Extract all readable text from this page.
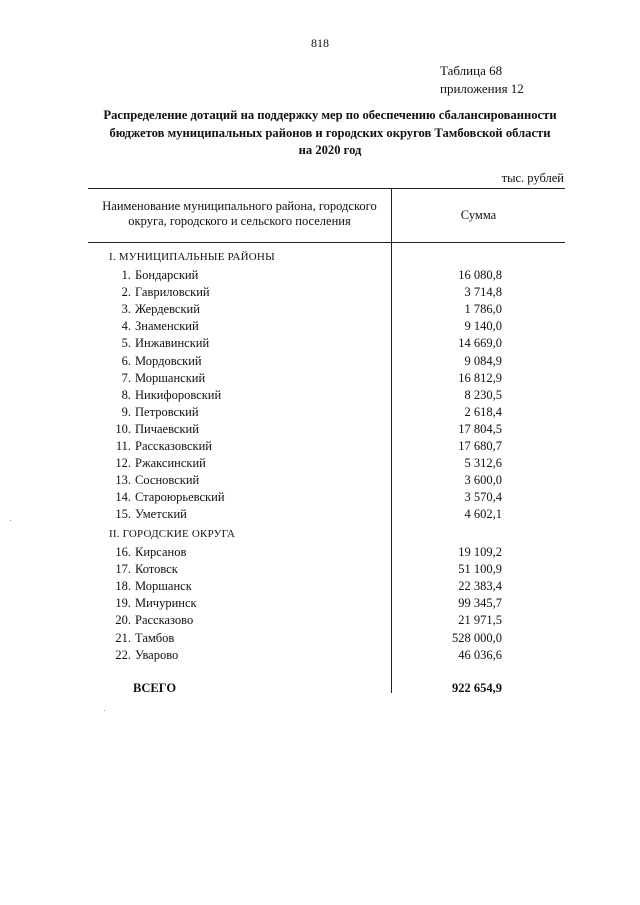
818
Таблица 68
приложения 12
Распределение дотаций на поддержку мер по обеспечению сбалансированности
бюджетов муниципальных районов и городских округов Тамбовской области
на 2020 год
тыс. рублей
Наименование муниципального района, городского
округа, городского и сельского поселения	Сумма
I. МУНИЦИПАЛЬНЫЕ РАЙОНЫ
1. Бондарский	16 080,8
2. Гавриловский	3 714,8
3. Жердевский	1 786,0
4. Знаменский	9 140,0
5. Инжавинский	14 669,0
6. Мордовский	9 084,9
7. Моршанский	16 812,9
8. Никифоровский	8 230,5
9. Петровский	2 618,4
10. Пичаевский	17 804,5
11. Рассказовский	17 680,7
12. Ржаксинский	5 312,6
13. Сосновский	3 600,0
14. Староюрьевский	3 570,4
15. Уметский	4 602,1
II. ГОРОДСКИЕ ОКРУГА
16. Кирсанов	19 109,2
17. Котовск	51 100,9
18. Моршанск	22 383,4
19. Мичуринск	99 345,7
20. Рассказово	21 971,5
21. Тамбов	528 000,0
22. Уварово	46 036,6
ВСЕГО	922 654,9
